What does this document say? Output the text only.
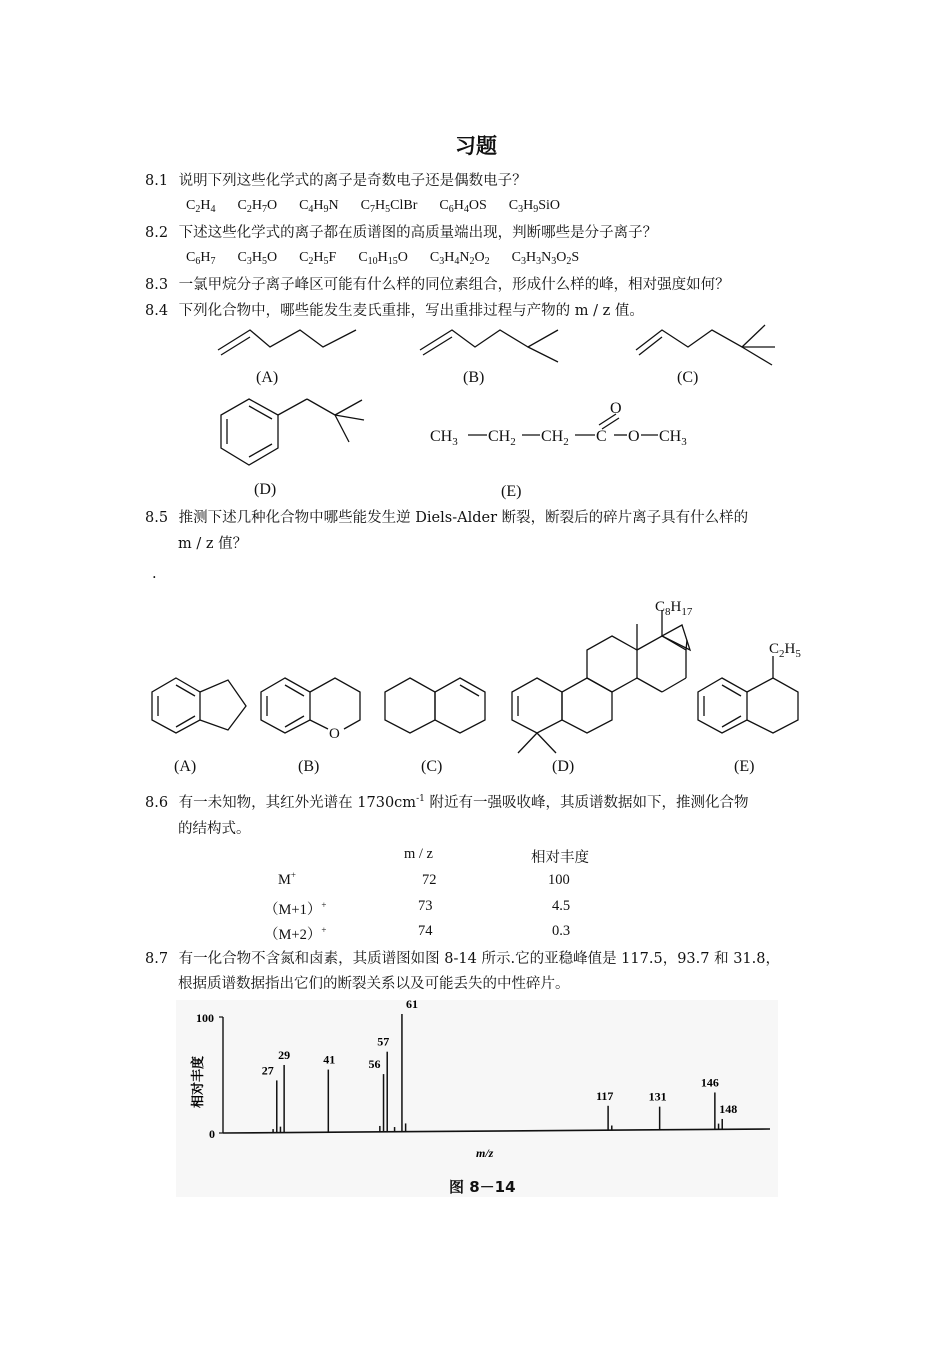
习题
8.1 说明下列这些化学式的离子是奇数电子还是偶数电子？
$C_2H_4$ $C_2H_7O$ $C_4H_9N$ $C_7H_5ClBr$ $C_6H_4OS$ $C_3H_9SiO$
8.2 下述这些化学式的离子都在质谱图的高质量端出现，判断哪些是分子离子？
$C_6H_7$ $C_3H_5O$ $C_2H_5F$ $C_{10}H_{15}O$ $C_3H_4N_2O_2$ $C_3H_3N_3O_2S$
8.3 一氯甲烷分子离子峰区可能有什么样的同位素组合，形成什么样的峰，相对强度如何？
8.4 下列化合物中，哪些能发生麦氏重排，写出重排过程与产物的 m / z 值。
$CH_3$ $CH_2$ $CH_2$ C
O
O $CH_3$
(A)	(B)	(C)
(D)	(E)
8.5 推测下述几种化合物中哪些能发生逆 Diels-Alder 断裂，断裂后的碎片离子具有什么样的
m / z 值？
.
O
$C_8H_{17}$
$C_2H_5$
(A)	(B)	(C)	(D)	(E)
8.6 有一未知物，其红外光谱在 $1730cm^{-1}$ 附近有一强吸收峰，其质谱数据如下，推测化合物
的结构式。
m / z	相对丰度
M+	72	100
（M+1）+	73	4.5
（M+2）+	74	0.3
8.7 有一化合物不含氮和卤素，其质谱图如图 8-14 所示.它的亚稳峰值是 117.5，93.7 和 31.8，
根据质谱数据指出它们的断裂关系以及可能丢失的中性碎片。
100
0
相对丰度
m/z
27
29	41	56
57
61
117	131
146
148
图 8－14
